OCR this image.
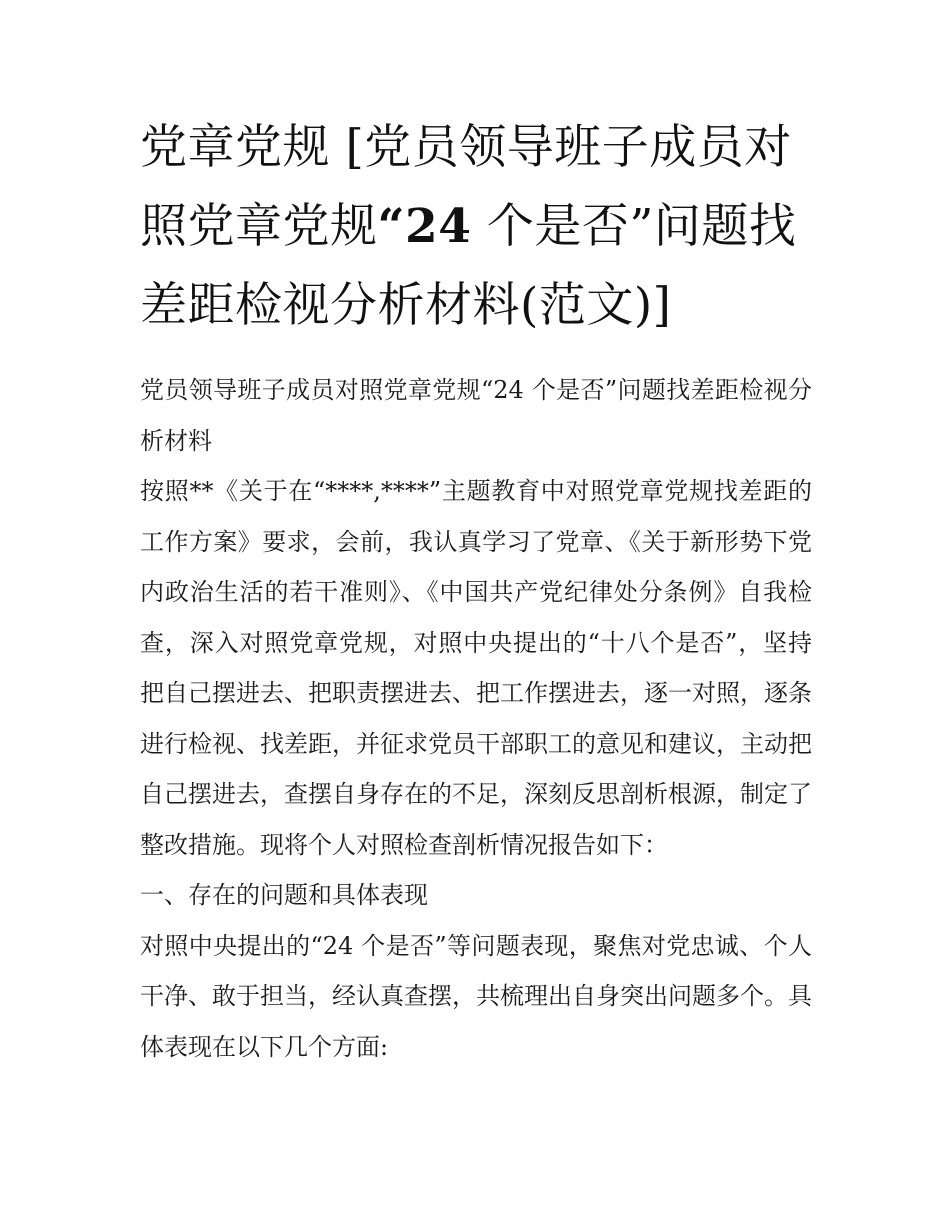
党章党规 [党员领导班子成员对照党章党规“24 个是否”问题找差距检视分析材料(范文)]

党员领导班子成员对照党章党规“24 个是否”问题找差距检视分析材料

按照**《关于在“****,****”主题教育中对照党章党规找差距的工作方案》要求，会前，我认真学习了党章、《关于新形势下党内政治生活的若干准则》、《中国共产党纪律处分条例》自我检查，深入对照党章党规，对照中央提出的“十八个是否”，坚持把自己摆进去、把职责摆进去、把工作摆进去，逐一对照，逐条进行检视、找差距，并征求党员干部职工的意见和建议，主动把自己摆进去，查摆自身存在的不足，深刻反思剖析根源，制定了整改措施。现将个人对照检查剖析情况报告如下：

一、存在的问题和具体表现

对照中央提出的“24 个是否”等问题表现，聚焦对党忠诚、个人干净、敢于担当，经认真查摆，共梳理出自身突出问题多个。具体表现在以下几个方面:
